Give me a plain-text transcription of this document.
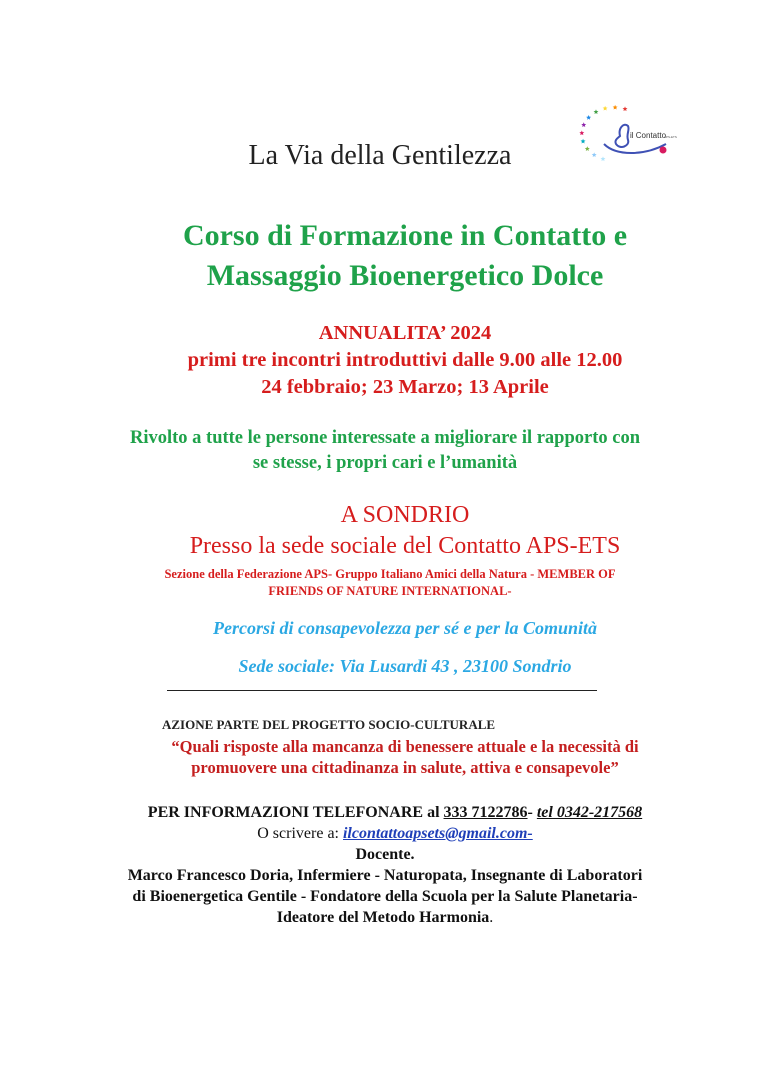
il Contatto
APS-ETS
La Via della Gentilezza
Corso di Formazione in Contatto e
Massaggio Bioenergetico Dolce
ANNUALITA’ 2024
primi tre incontri introduttivi dalle 9.00 alle 12.00
24 febbraio; 23 Marzo; 13 Aprile
Rivolto a tutte le persone interessate a migliorare il rapporto con
se stesse, i propri cari e l’umanità
A SONDRIO
Presso la sede sociale del Contatto APS-ETS
Sezione della Federazione APS- Gruppo Italiano Amici della Natura - MEMBER OF
FRIENDS OF NATURE INTERNATIONAL-
Percorsi di consapevolezza per sé e per la Comunità
Sede sociale: Via Lusardi 43 , 23100 Sondrio
AZIONE PARTE DEL PROGETTO SOCIO-CULTURALE
“Quali risposte alla mancanza di benessere attuale e la necessità di
promuovere una cittadinanza in salute, attiva e consapevole”
PER INFORMAZIONI TELEFONARE al 333 7122786- tel 0342-217568
O scrivere a: ilcontattoapsets@gmail.com-
Docente.
Marco Francesco Doria, Infermiere - Naturopata, Insegnante di Laboratori
di Bioenergetica Gentile - Fondatore della Scuola per la Salute Planetaria-
Ideatore del Metodo Harmonia.
